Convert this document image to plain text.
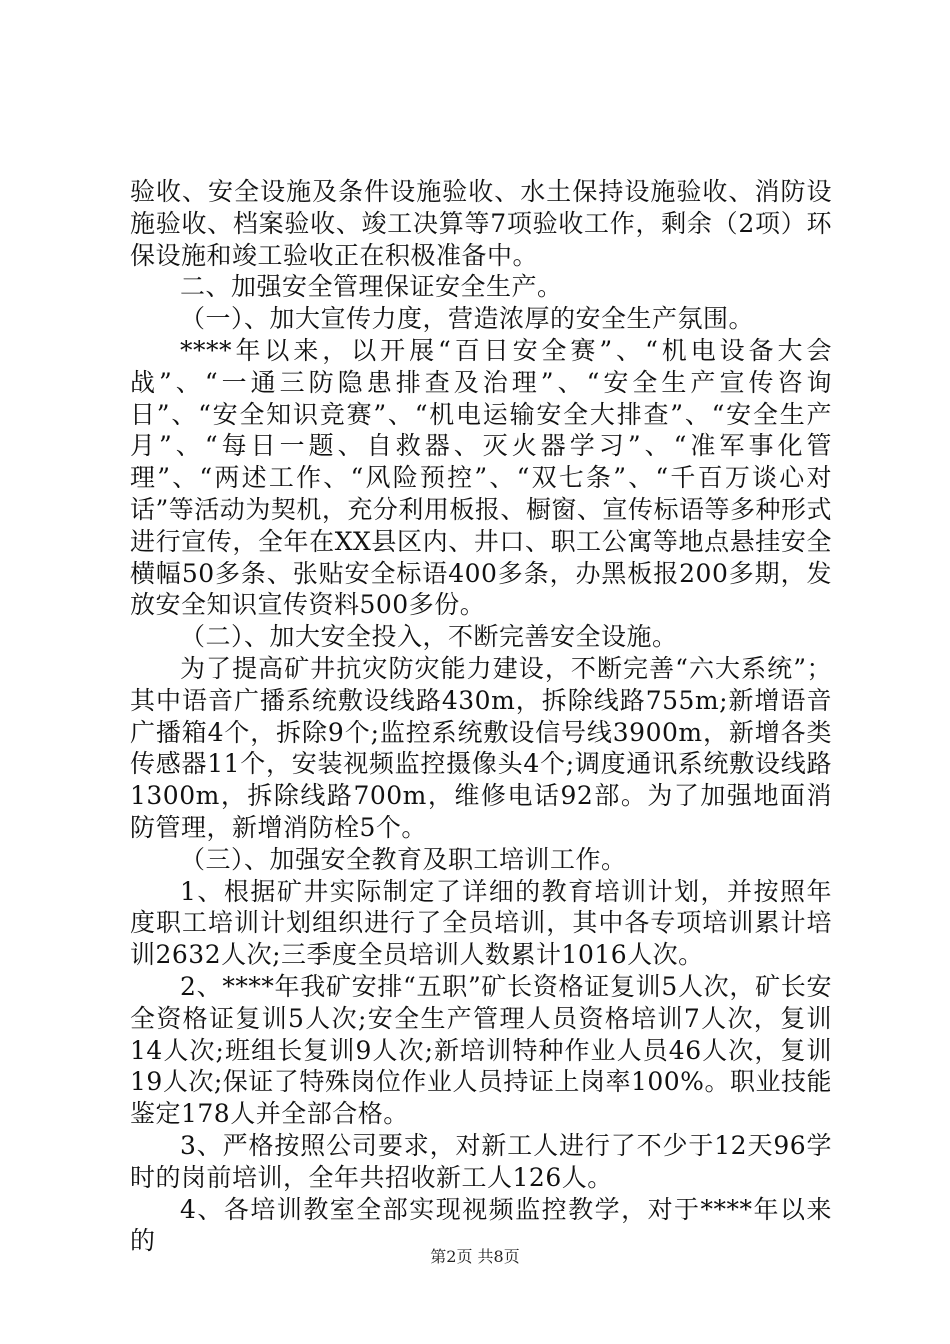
验收、安全设施及条件设施验收、水土保持设施验收、消防设施验收、档案验收、竣工决算等7项验收工作，剩余（2项）环保设施和竣工验收正在积极准备中。

二、加强安全管理保证安全生产。

（一）、加大宣传力度，营造浓厚的安全生产氛围。

****年以来，以开展“百日安全赛”、“机电设备大会战”、“一通三防隐患排查及治理”、“安全生产宣传咨询日”、“安全知识竞赛”、“机电运输安全大排查”、“安全生产月”、“每日一题、自救器、灭火器学习”、“准军事化管理”、“两述工作、“风险预控”、“双七条”、“千百万谈心对话”等活动为契机，充分利用板报、橱窗、宣传标语等多种形式进行宣传，全年在XX县区内、井口、职工公寓等地点悬挂安全横幅50多条、张贴安全标语400多条，办黑板报200多期，发放安全知识宣传资料500多份。

（二）、加大安全投入，不断完善安全设施。

为了提高矿井抗灾防灾能力建设，不断完善“六大系统”；其中语音广播系统敷设线路430m，拆除线路755m;新增语音广播箱4个，拆除9个;监控系统敷设信号线3900m，新增各类传感器11个，安装视频监控摄像头4个;调度通讯系统敷设线路1300m，拆除线路700m，维修电话92部。为了加强地面消防管理，新增消防栓5个。

（三）、加强安全教育及职工培训工作。

1、根据矿井实际制定了详细的教育培训计划，并按照年度职工培训计划组织进行了全员培训，其中各专项培训累计培训2632人次;三季度全员培训人数累计1016人次。

2、****年我矿安排“五职”矿长资格证复训5人次，矿长安全资格证复训5人次;安全生产管理人员资格培训7人次，复训14人次;班组长复训9人次;新培训特种作业人员46人次，复训19人次;保证了特殊岗位作业人员持证上岗率100%。职业技能鉴定178人并全部合格。

3、严格按照公司要求，对新工人进行了不少于12天96学时的岗前培训，全年共招收新工人126人。

4、各培训教室全部实现视频监控教学，对于****年以来的

第2页 共8页
